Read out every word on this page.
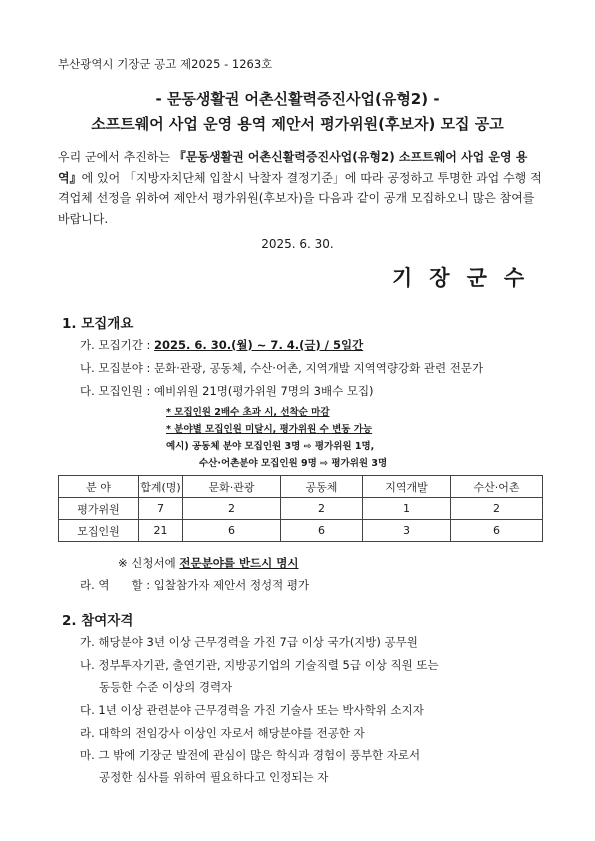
부산광역시 기장군 공고 제2025 - 1263호
- 문동생활권 어촌신활력증진사업(유형2) -
소프트웨어 사업 운영 용역 제안서 평가위원(후보자) 모집 공고
우리 군에서 추진하는 『문동생활권 어촌신활력증진사업(유형2) 소프트웨어 사업 운영 용역』에 있어 「지방자치단체 입찰시 낙찰자 결정기준」에 따라 공정하고 투명한 과업 수행 적격업체 선정을 위하여 제안서 평가위원(후보자)을 다음과 같이 공개 모집하오니 많은 참여를 바랍니다.
2025. 6. 30.
기장군수
1. 모집개요
가. 모집기간 : 2025. 6. 30.(월) ~ 7. 4.(금) / 5일간
나. 모집분야 : 문화·관광, 공동체, 수산·어촌, 지역개발 지역역량강화 관련 전문가
다. 모집인원 : 예비위원 21명(평가위원 7명의 3배수 모집)
* 모집인원 2배수 초과 시, 선착순 마감
* 분야별 모집인원 미달시, 평가위원 수 변동 가능
예시) 공동체 분야 모집인원 3명 ⇨ 평가위원 1명,
수산·어촌분야 모집인원 9명 ⇨ 평가위원 3명
분 야	합계(명)	문화·관광	공동체	지역개발	수산·어촌
평가위원	7	2	2	1	2
모집인원	21	6	6	3	6
※ 신청서에 전문분야를 반드시 명시
라. 역      할 : 입찰참가자 제안서 정성적 평가
2. 참여자격
가. 해당분야 3년 이상 근무경력을 가진 7급 이상 국가(지방) 공무원
나. 정부투자기관, 출연기관, 지방공기업의 기술직렬 5급 이상 직원 또는
동등한 수준 이상의 경력자
다. 1년 이상 관련분야 근무경력을 가진 기술사 또는 박사학위 소지자
라. 대학의 전임강사 이상인 자로서 해당분야를 전공한 자
마. 그 밖에 기장군 발전에 관심이 많은 학식과 경험이 풍부한 자로서
공정한 심사를 위하여 필요하다고 인정되는 자
